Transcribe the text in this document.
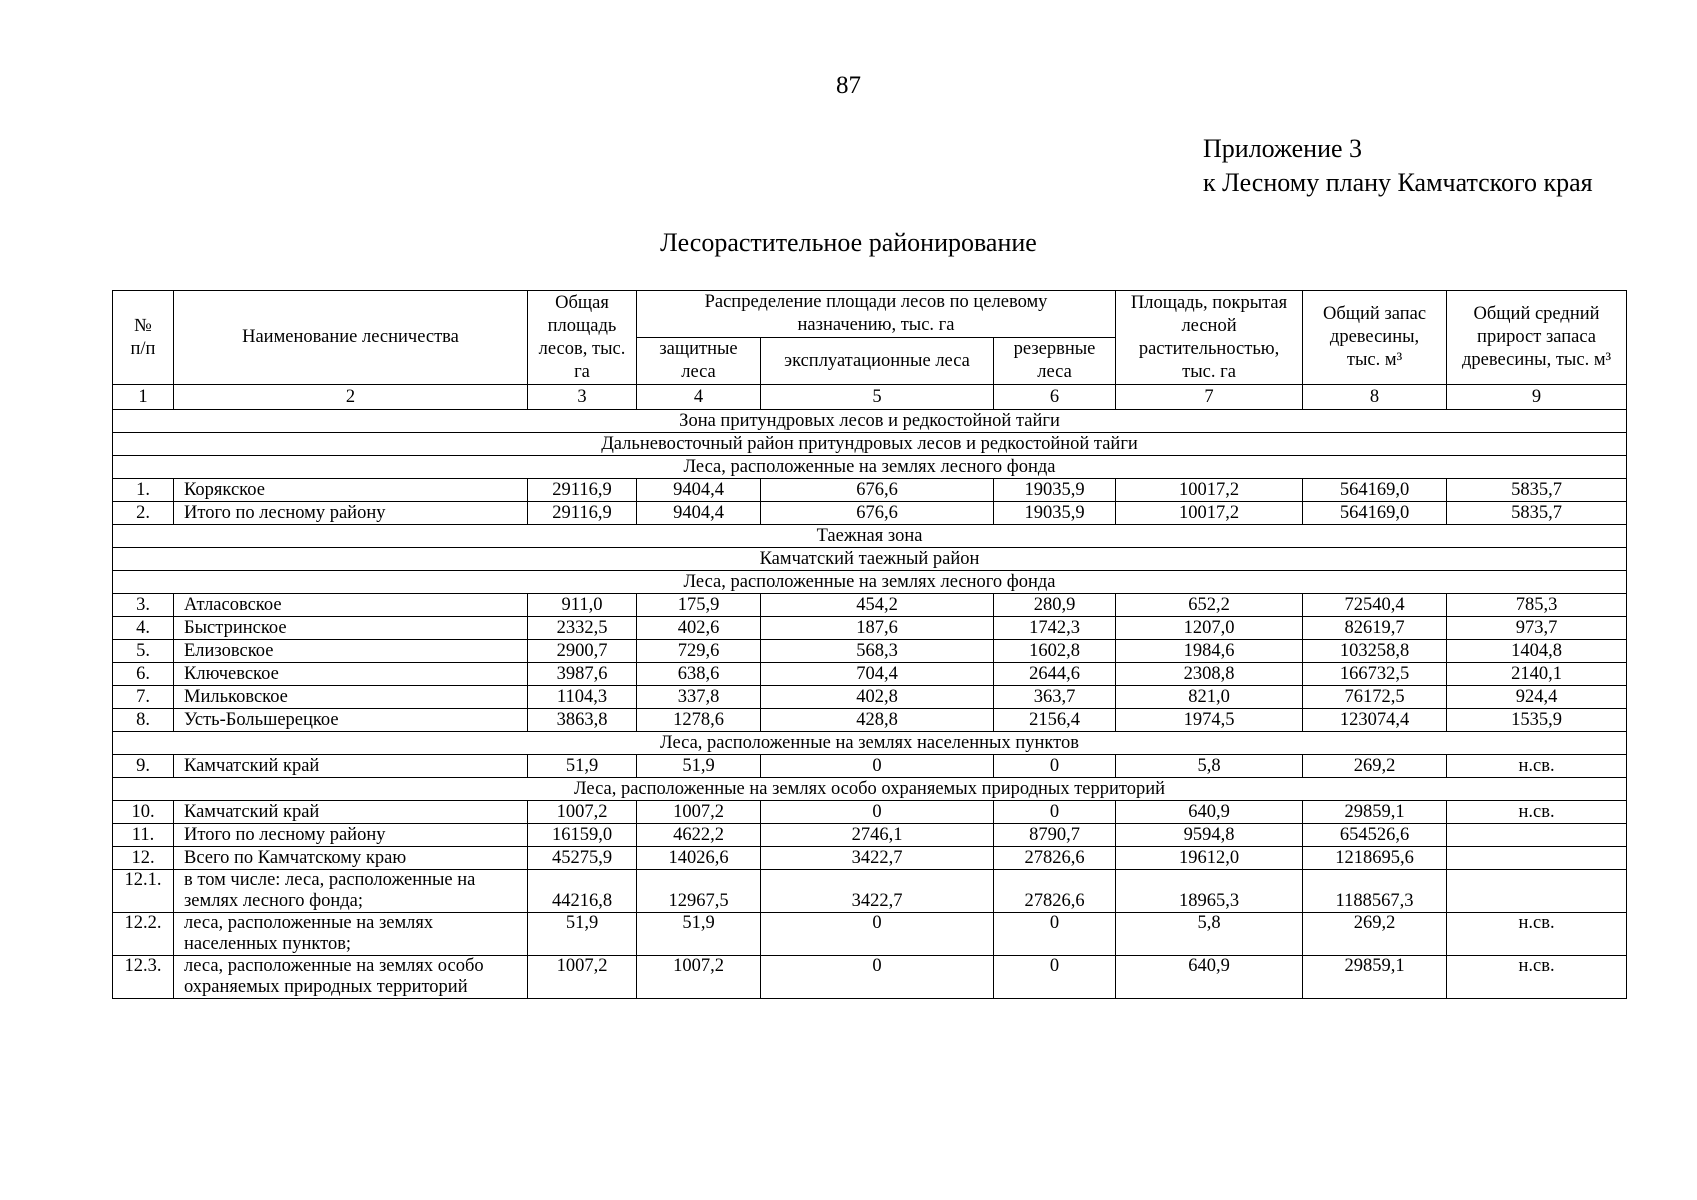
87
Приложение 3
к Лесному плану Камчатского края
Лесорастительное районирование
№ п/п	Наименование лесничества	Общая площадь лесов, тыс. га	Распределение площади лесов по целевому назначению, тыс. га			Площадь, покрытая лесной растительностью, тыс. га	Общий запас древесины, тыс. м³	Общий средний прирост запаса древесины, тыс. м³
			защитные леса	эксплуатационные леса	резервные леса			
1	2	3	4	5	6	7	8	9
Зона притундровых лесов и редкостойной тайги								
Дальневосточный район притундровых лесов и редкостойной тайги								
Леса, расположенные на землях лесного фонда								
1.	Корякское	29116,9	9404,4	676,6	19035,9	10017,2	564169,0	5835,7
2.	Итого по лесному району	29116,9	9404,4	676,6	19035,9	10017,2	564169,0	5835,7
Таежная зона								
Камчатский таежный район								
Леса, расположенные на землях лесного фонда								
3.	Атласовское	911,0	175,9	454,2	280,9	652,2	72540,4	785,3
4.	Быстринское	2332,5	402,6	187,6	1742,3	1207,0	82619,7	973,7
5.	Елизовское	2900,7	729,6	568,3	1602,8	1984,6	103258,8	1404,8
6.	Ключевское	3987,6	638,6	704,4	2644,6	2308,8	166732,5	2140,1
7.	Мильковское	1104,3	337,8	402,8	363,7	821,0	76172,5	924,4
8.	Усть-Большерецкое	3863,8	1278,6	428,8	2156,4	1974,5	123074,4	1535,9
Леса, расположенные на землях населенных пунктов								
9.	Камчатский край	51,9	51,9	0	0	5,8	269,2	н.св.
Леса, расположенные на землях особо охраняемых природных территорий								
10.	Камчатский край	1007,2	1007,2	0	0	640,9	29859,1	н.св.
11.	Итого по лесному району	16159,0	4622,2	2746,1	8790,7	9594,8	654526,6	
12.	Всего по Камчатскому краю	45275,9	14026,6	3422,7	27826,6	19612,0	1218695,6	
12.1.	в том числе: леса, расположенные на землях лесного фонда;	44216,8	12967,5	3422,7	27826,6	18965,3	1188567,3	
12.2.	леса, расположенные на землях населенных пунктов;	51,9	51,9	0	0	5,8	269,2	н.св.
12.3.	леса, расположенные на землях особо охраняемых природных территорий	1007,2	1007,2	0	0	640,9	29859,1	н.св.
